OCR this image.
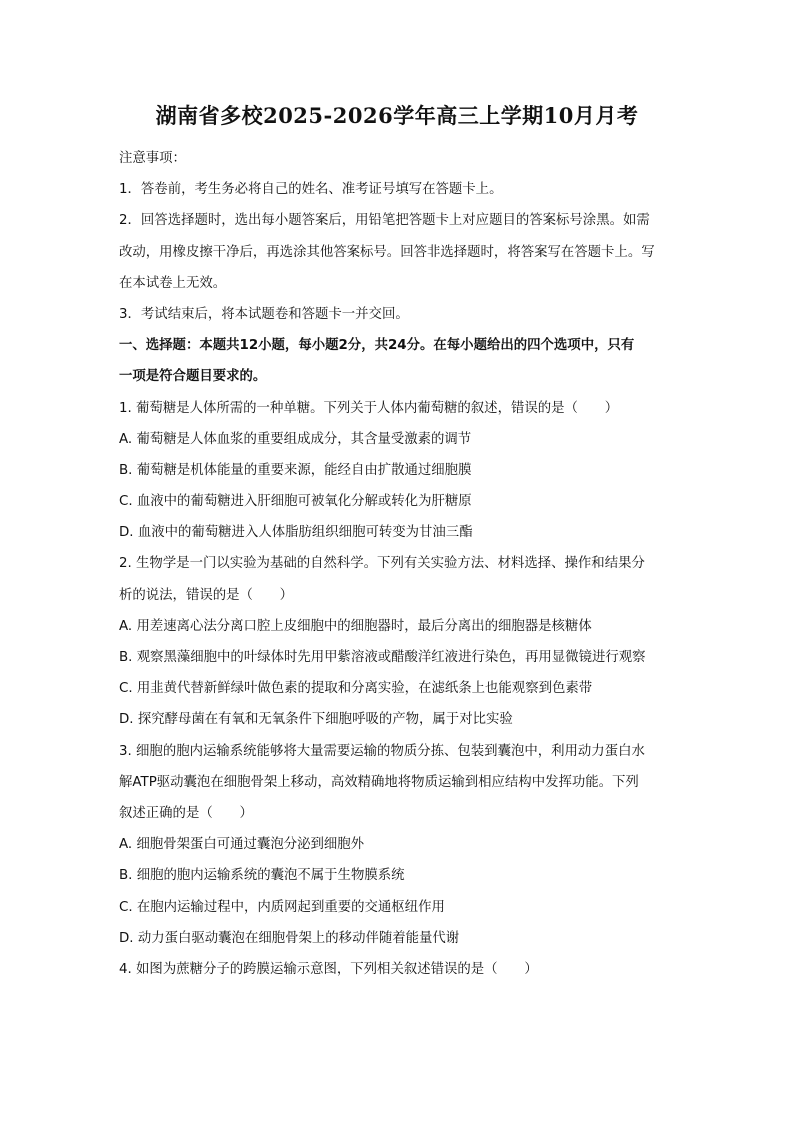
湖南省多校2025-2026学年高三上学期10月月考
注意事项：
1．答卷前，考生务必将自己的姓名、准考证号填写在答题卡上。
2．回答选择题时，选出每小题答案后，用铅笔把答题卡上对应题目的答案标号涂黑。如需
改动，用橡皮擦干净后，再选涂其他答案标号。回答非选择题时，将答案写在答题卡上。写
在本试卷上无效。
3．考试结束后，将本试题卷和答题卡一并交回。
一、选择题：本题共12小题，每小题2分，共24分。在每小题给出的四个选项中，只有
一项是符合题目要求的。
1. 葡萄糖是人体所需的一种单糖。下列关于人体内葡萄糖的叙述，错误的是（　　）
A. 葡萄糖是人体血浆的重要组成成分，其含量受激素的调节
B. 葡萄糖是机体能量的重要来源，能经自由扩散通过细胞膜
C. 血液中的葡萄糖进入肝细胞可被氧化分解或转化为肝糖原
D. 血液中的葡萄糖进入人体脂肪组织细胞可转变为甘油三酯
2. 生物学是一门以实验为基础的自然科学。下列有关实验方法、材料选择、操作和结果分
析的说法，错误的是（　　）
A. 用差速离心法分离口腔上皮细胞中的细胞器时，最后分离出的细胞器是核糖体
B. 观察黑藻细胞中的叶绿体时先用甲紫溶液或醋酸洋红液进行染色，再用显微镜进行观察
C. 用韭黄代替新鲜绿叶做色素的提取和分离实验，在滤纸条上也能观察到色素带
D. 探究酵母菌在有氧和无氧条件下细胞呼吸的产物，属于对比实验
3. 细胞的胞内运输系统能够将大量需要运输的物质分拣、包装到囊泡中，利用动力蛋白水
解ATP驱动囊泡在细胞骨架上移动，高效精确地将物质运输到相应结构中发挥功能。下列
叙述正确的是（　　）
A. 细胞骨架蛋白可通过囊泡分泌到细胞外
B. 细胞的胞内运输系统的囊泡不属于生物膜系统
C. 在胞内运输过程中，内质网起到重要的交通枢纽作用
D. 动力蛋白驱动囊泡在细胞骨架上的移动伴随着能量代谢
4. 如图为蔗糖分子的跨膜运输示意图，下列相关叙述错误的是（　　）
